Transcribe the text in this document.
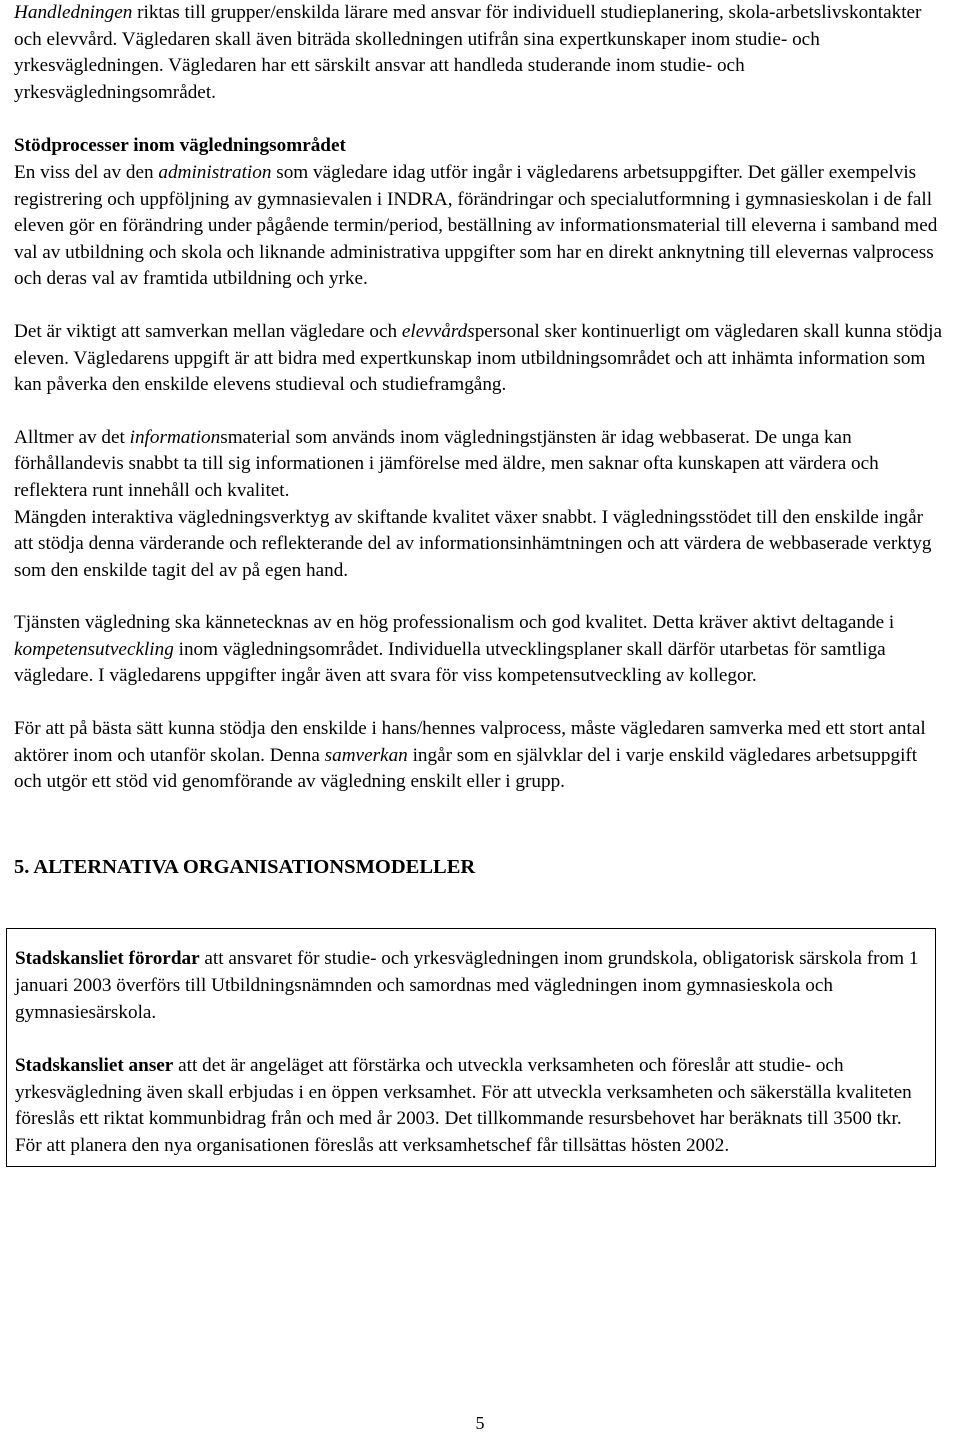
Handledningen riktas till grupper/enskilda lärare med ansvar för individuell studieplanering, skola-arbetslivskontakter och elevvård. Vägledaren skall även biträda skolledningen utifrån sina expertkunskaper inom studie- och yrkesvägledningen. Vägledaren har ett särskilt ansvar att handleda studerande inom studie- och yrkesvägledningsområdet.

Stödprocesser inom vägledningsområdet
En viss del av den administration som vägledare idag utför ingår i vägledarens arbetsuppgifter. Det gäller exempelvis registrering och uppföljning av gymnasievalen i INDRA, förändringar och specialutformning i gymnasieskolan i de fall eleven gör en förändring under pågående termin/period, beställning av informationsmaterial till eleverna i samband med val av utbildning och skola och liknande administrativa uppgifter som har en direkt anknytning till elevernas valprocess och deras val av framtida utbildning och yrke.

Det är viktigt att samverkan mellan vägledare och elevvårdspersonal sker kontinuerligt om vägledaren skall kunna stödja eleven. Vägledarens uppgift är att bidra med expertkunskap inom utbildningsområdet och att inhämta information som kan påverka den enskilde elevens studieval och studieframgång.

Alltmer av det informationsmaterial som används inom vägledningstjänsten är idag webbaserat. De unga kan förhållandevis snabbt ta till sig informationen i jämförelse med äldre, men saknar ofta kunskapen att värdera och reflektera runt innehåll och kvalitet.
Mängden interaktiva vägledningsverktyg av skiftande kvalitet växer snabbt. I vägledningsstödet till den enskilde ingår att stödja denna värderande och reflekterande del av informationsinhämtningen och att värdera de webbaserade verktyg som den enskilde tagit del av på egen hand.

Tjänsten vägledning ska kännetecknas av en hög professionalism och god kvalitet. Detta kräver aktivt deltagande i kompetensutveckling inom vägledningsområdet. Individuella utvecklingsplaner skall därför utarbetas för samtliga vägledare. I vägledarens uppgifter ingår även att svara för viss kompetensutveckling av kollegor.

För att på bästa sätt kunna stödja den enskilde i hans/hennes valprocess, måste vägledaren samverka med ett stort antal aktörer inom och utanför skolan. Denna samverkan ingår som en självklar del i varje enskild vägledares arbetsuppgift och utgör ett stöd vid genomförande av vägledning enskilt eller i grupp.

5. ALTERNATIVA ORGANISATIONSMODELLER

Stadskansliet förordar att ansvaret för studie- och yrkesvägledningen inom grundskola, obligatorisk särskola from 1 januari 2003 överförs till Utbildningsnämnden och samordnas med vägledningen inom gymnasieskola och gymnasiesärskola.

Stadskansliet anser att det är angeläget att förstärka och utveckla verksamheten och föreslår att studie- och yrkesvägledning även skall erbjudas i en öppen verksamhet. För att utveckla verksamheten och säkerställa kvaliteten föreslås ett riktat kommunbidrag från och med år 2003. Det tillkommande resursbehovet har beräknats till 3500 tkr. För att planera den nya organisationen föreslås att verksamhetschef får tillsättas hösten 2002.

5
